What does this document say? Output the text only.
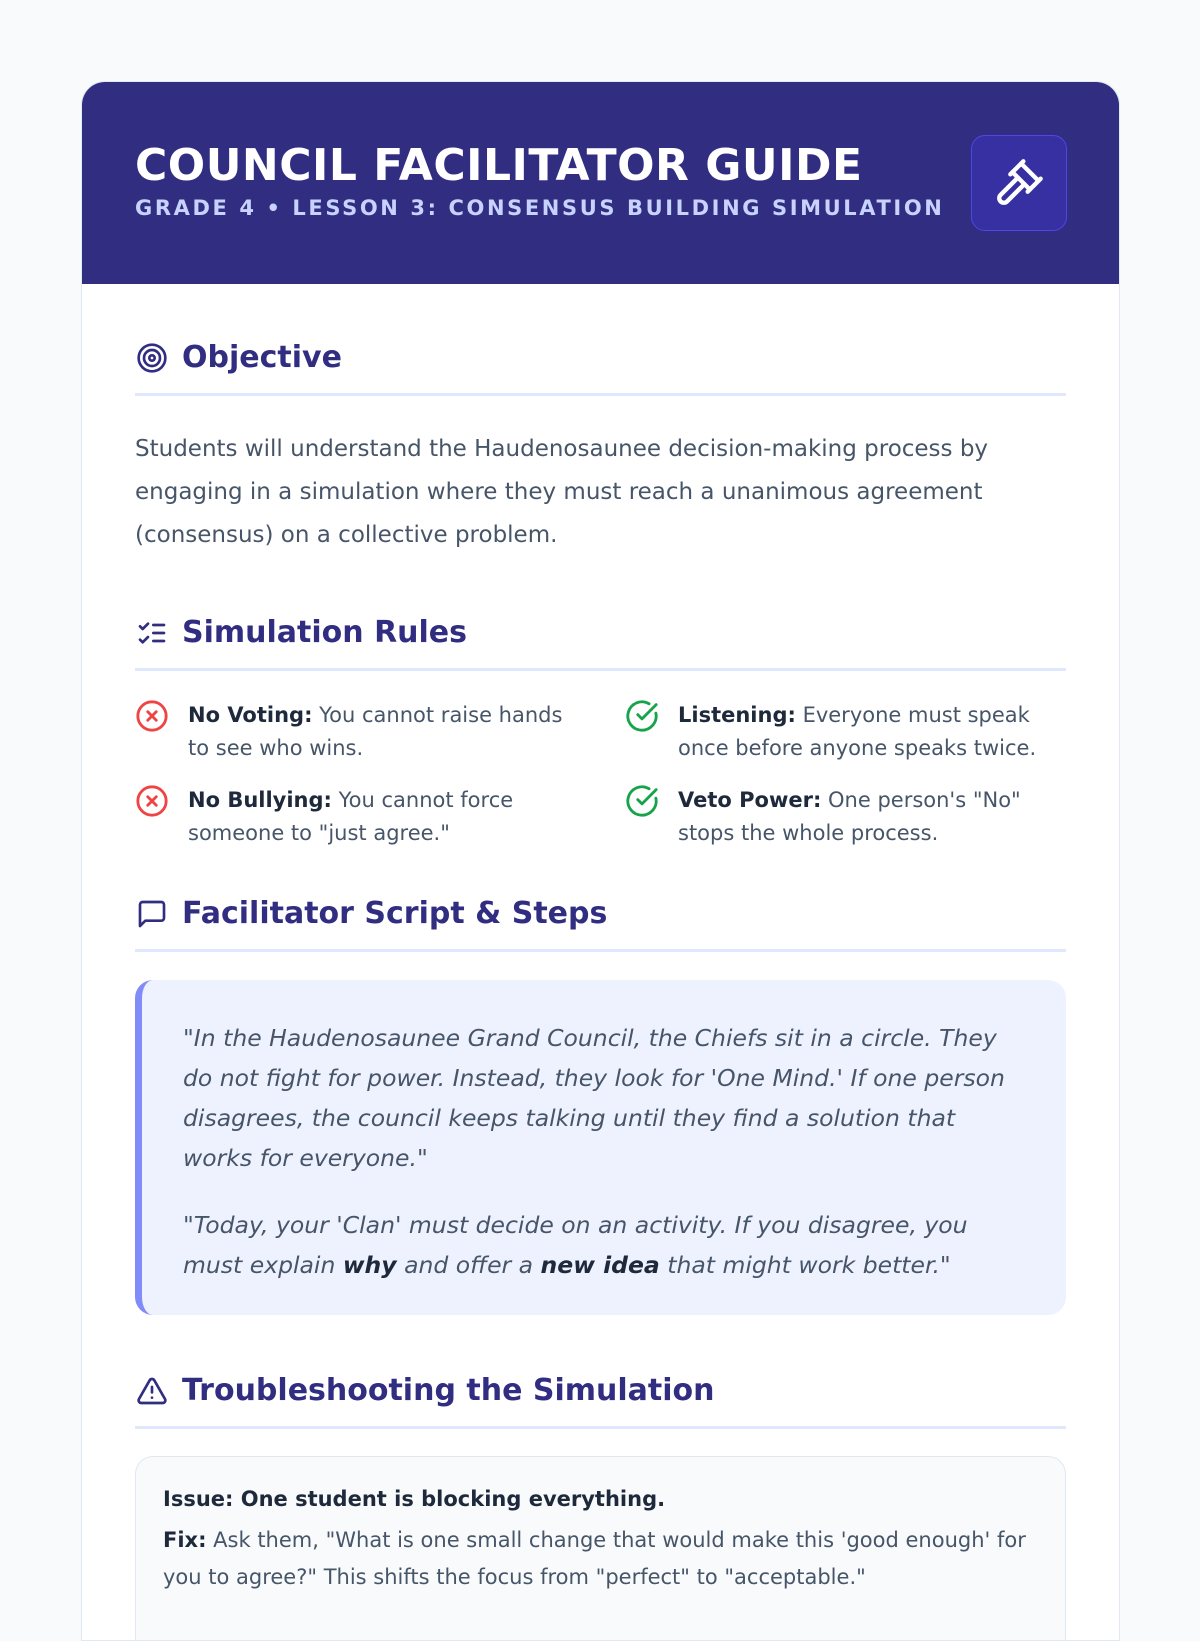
COUNCIL FACILITATOR GUIDE
GRADE 4 • LESSON 3: CONSENSUS BUILDING SIMULATION
Objective

Students will understand the Haudenosaunee decision-making process by engaging in a simulation where they must reach a unanimous agreement (consensus) on a collective problem.

Simulation Rules
No Voting: You cannot raise hands to see who wins.
Listening: Everyone must speak once before anyone speaks twice.
No Bullying: You cannot force someone to "just agree."
Veto Power: One person's "No" stops the whole process.
Facilitator Script & Steps

"In the Haudenosaunee Grand Council, the Chiefs sit in a circle. They do not fight for power. Instead, they look for 'One Mind.' If one person disagrees, the council keeps talking until they find a solution that works for everyone."

"Today, your 'Clan' must decide on an activity. If you disagree, you must explain why and offer a new idea that might work better."

Troubleshooting the Simulation
Issue: One student is blocking everything.
Fix: Ask them, "What is one small change that would make this 'good enough' for you to agree?" This shifts the focus from "perfect" to "acceptable."
